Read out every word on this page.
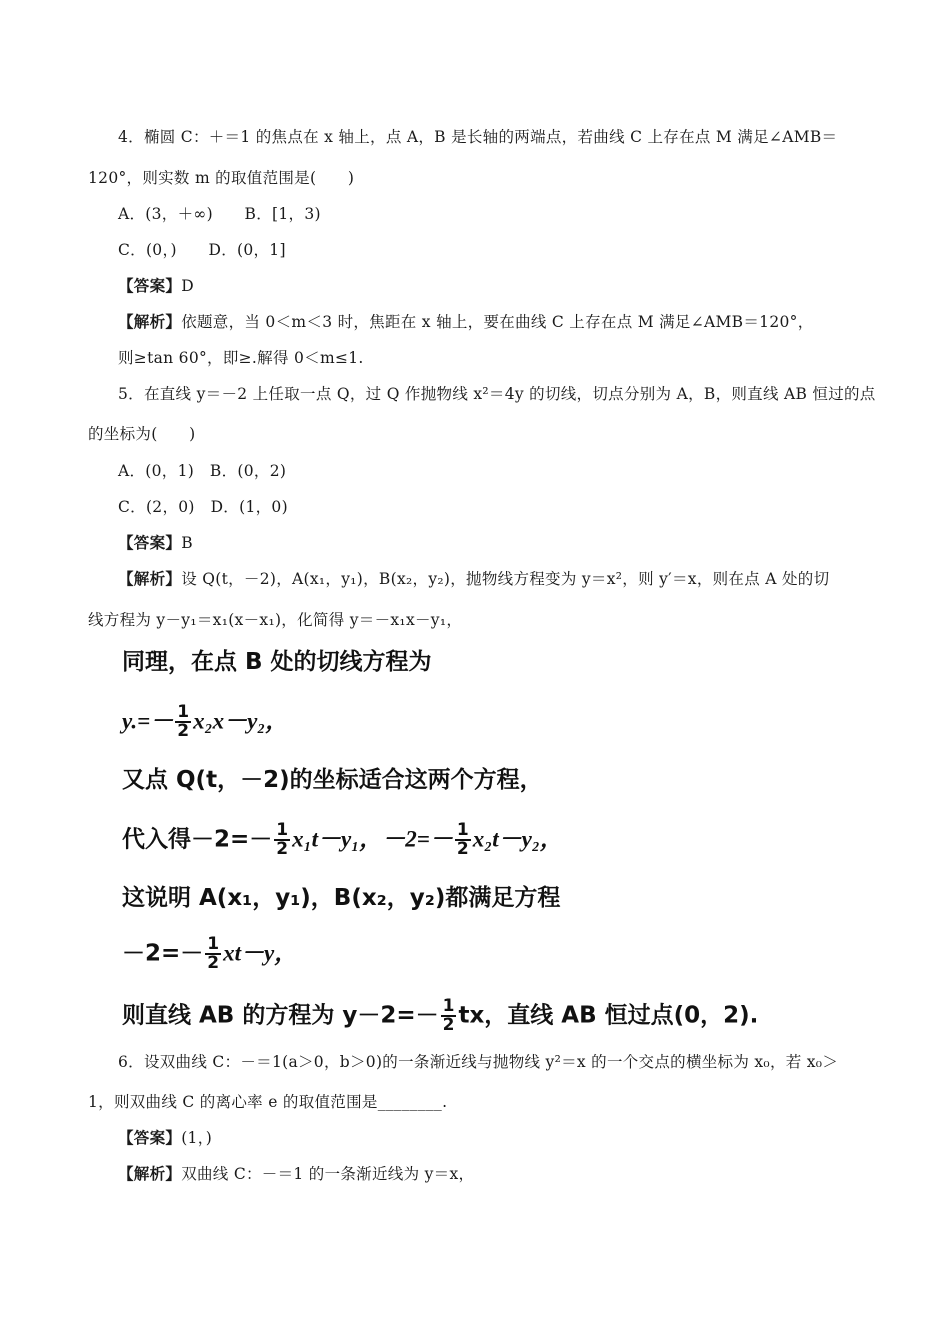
4．椭圆 C：＋＝1 的焦点在 x 轴上，点 A，B 是长轴的两端点，若曲线 C 上存在点 M 满足∠AMB＝
120°，则实数 m 的取值范围是(　　)
A．(3，＋∞)　　B．[1，3)
C．(0，)　　D．(0，1]
【答案】D
【解析】依题意，当 0＜m＜3 时，焦距在 x 轴上，要在曲线 C 上存在点 M 满足∠AMB＝120°，
则≥tan 60°，即≥.解得 0＜m≤1.
5．在直线 y＝－2 上任取一点 Q，过 Q 作抛物线 x²＝4y 的切线，切点分别为 A，B，则直线 AB 恒过的点
的坐标为(　　)
A．(0，1)　B．(0，2)
C．(2，0)　D．(1，0)
【答案】B
【解析】设 Q(t，－2)，A(x₁，y₁)，B(x₂，y₂)，抛物线方程变为 y＝x²，则 y′＝x，则在点 A 处的切
线方程为 y－y₁＝x₁(x－x₁)，化简得 y＝－x₁x－y₁，
同理，在点 B 处的切线方程为
$y.=- \frac{1}{2} x_2x-y_2$，
又点 Q(t，－2)的坐标适合这两个方程，
代入得$-2=- \frac{1}{2} x_1t-y_1$，$-2=- \frac{1}{2} x_2t-y_2$，
这说明 A(x₁，y₁)，B(x₂，y₂)都满足方程
$-2=- \frac{1}{2} xt-y$，
则直线 AB 的方程为 $y-2=- \frac{1}{2}$ tx，直线 AB 恒过点(0，2).
6．设双曲线 C：－＝1(a＞0，b＞0)的一条渐近线与抛物线 y²＝x 的一个交点的横坐标为 x₀，若 x₀＞
1，则双曲线 C 的离心率 e 的取值范围是________.
【答案】(1，)
【解析】双曲线 C：－＝1 的一条渐近线为 y＝x，
